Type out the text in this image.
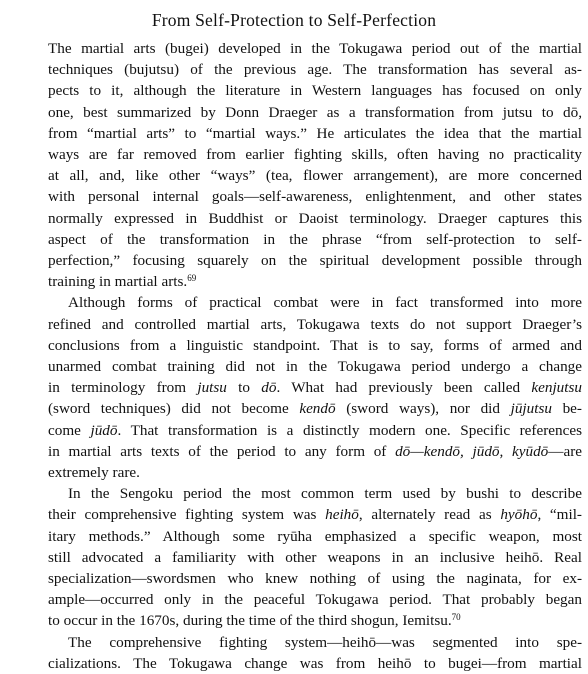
From Self-Protection to Self-Perfection
The martial arts (bugei) developed in the Tokugawa period out of the martial
techniques (bujutsu) of the previous age. The transformation has several as-
pects to it, although the literature in Western languages has focused on only
one, best summarized by Donn Draeger as a transformation from jutsu to dō,
from “martial arts” to “martial ways.” He articulates the idea that the martial
ways are far removed from earlier fighting skills, often having no practicality
at all, and, like other “ways” (tea, flower arrangement), are more concerned
with personal internal goals—self-awareness, enlightenment, and other states
normally expressed in Buddhist or Daoist terminology. Draeger captures this
aspect of the transformation in the phrase “from self-protection to self-
perfection,” focusing squarely on the spiritual development possible through
training in martial arts.$^{69}$
Although forms of practical combat were in fact transformed into more
refined and controlled martial arts, Tokugawa texts do not support Draeger’s
conclusions from a linguistic standpoint. That is to say, forms of armed and
unarmed combat training did not in the Tokugawa period undergo a change
in terminology from jutsu to dō. What had previously been called kenjutsu
(sword techniques) did not become kendō (sword ways), nor did jūjutsu be-
come jūdō. That transformation is a distinctly modern one. Specific references
in martial arts texts of the period to any form of dō—kendō, jūdō, kyūdō—are
extremely rare.
In the Sengoku period the most common term used by bushi to describe
their comprehensive fighting system was heihō, alternately read as hyōhō, “mil-
itary methods.” Although some ryūha emphasized a specific weapon, most
still advocated a familiarity with other weapons in an inclusive heihō. Real
specialization—swordsmen who knew nothing of using the naginata, for ex-
ample—occurred only in the peaceful Tokugawa period. That probably began
to occur in the 1670s, during the time of the third shogun, Iemitsu.$^{70}$
The comprehensive fighting system—heihō—was segmented into spe-
cializations. The Tokugawa change was from heihō to bugei—from martial
